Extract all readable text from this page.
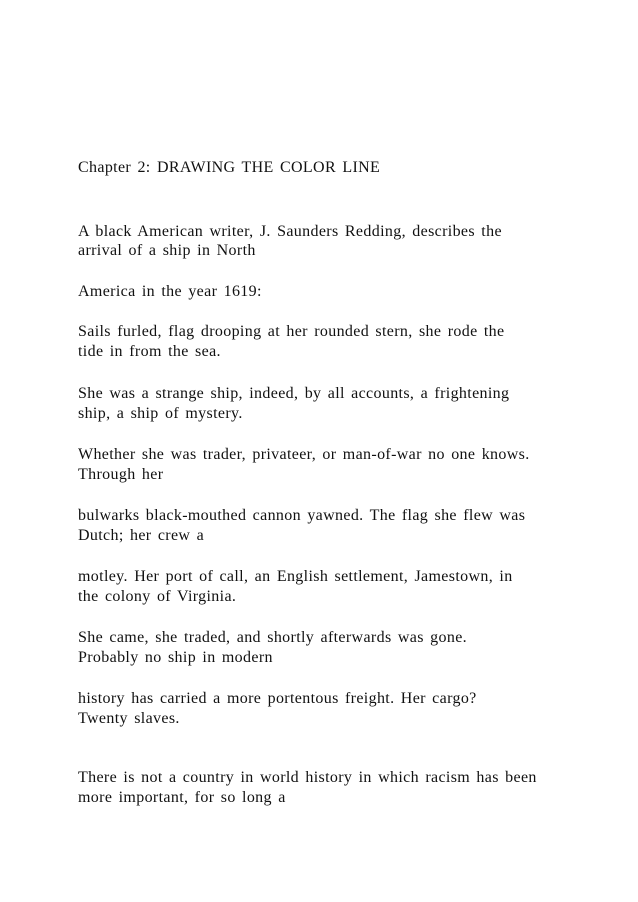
Chapter 2: DRAWING THE COLOR LINE

A black American writer, J. Saunders Redding, describes the

arrival of a ship in North

America in the year 1619:

Sails furled, flag drooping at her rounded stern, she rode the

tide in from the sea.

She was a strange ship, indeed, by all accounts, a frightening

ship, a ship of mystery.

Whether she was trader, privateer, or man-of-war no one knows.

Through her

bulwarks black-mouthed cannon yawned. The flag she flew was

Dutch; her crew a

motley. Her port of call, an English settlement, Jamestown, in

the colony of Virginia.

She came, she traded, and shortly afterwards was gone.

Probably no ship in modern

history has carried a more portentous freight. Her cargo?

Twenty slaves.

There is not a country in world history in which racism has been

more important, for so long a
